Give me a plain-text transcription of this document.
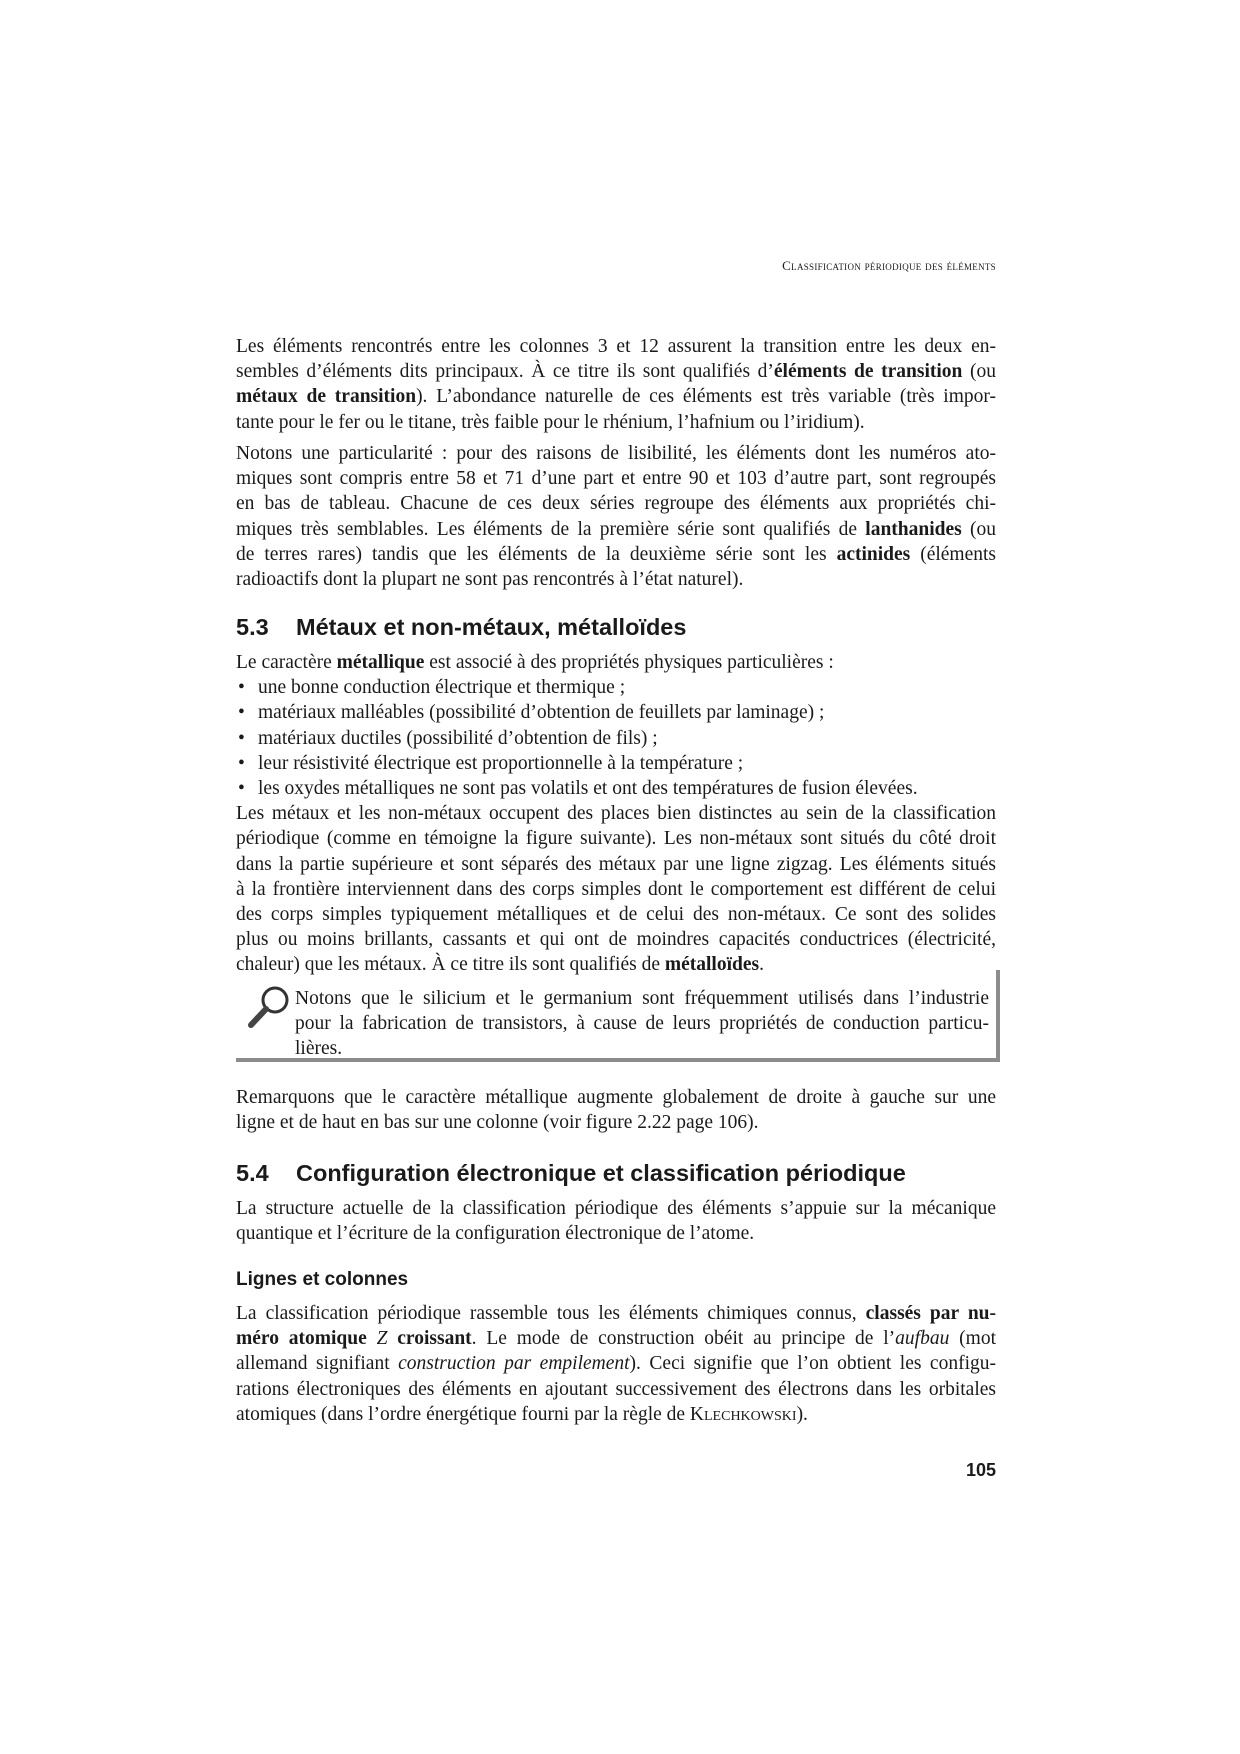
Classification périodique des éléments
Les éléments rencontrés entre les colonnes 3 et 12 assurent la transition entre les deux en-
sembles d’éléments dits principaux. À ce titre ils sont qualifiés d’éléments de transition (ou
métaux de transition). L’abondance naturelle de ces éléments est très variable (très impor-
tante pour le fer ou le titane, très faible pour le rhénium, l’hafnium ou l’iridium).
Notons une particularité : pour des raisons de lisibilité, les éléments dont les numéros ato-
miques sont compris entre 58 et 71 d’une part et entre 90 et 103 d’autre part, sont regroupés
en bas de tableau. Chacune de ces deux séries regroupe des éléments aux propriétés chi-
miques très semblables. Les éléments de la première série sont qualifiés de lanthanides (ou
de terres rares) tandis que les éléments de la deuxième série sont les actinides (éléments
radioactifs dont la plupart ne sont pas rencontrés à l’état naturel).
5.3 Métaux et non-métaux, métalloïdes
Le caractère métallique est associé à des propriétés physiques particulières :
• une bonne conduction électrique et thermique ;
• matériaux malléables (possibilité d’obtention de feuillets par laminage) ;
• matériaux ductiles (possibilité d’obtention de fils) ;
• leur résistivité électrique est proportionnelle à la température ;
• les oxydes métalliques ne sont pas volatils et ont des températures de fusion élevées.
Les métaux et les non-métaux occupent des places bien distinctes au sein de la classification
périodique (comme en témoigne la figure suivante). Les non-métaux sont situés du côté droit
dans la partie supérieure et sont séparés des métaux par une ligne zigzag. Les éléments situés
à la frontière interviennent dans des corps simples dont le comportement est différent de celui
des corps simples typiquement métalliques et de celui des non-métaux. Ce sont des solides
plus ou moins brillants, cassants et qui ont de moindres capacités conductrices (électricité,
chaleur) que les métaux. À ce titre ils sont qualifiés de métalloïdes.
Notons que le silicium et le germanium sont fréquemment utilisés dans l’industrie
pour la fabrication de transistors, à cause de leurs propriétés de conduction particu-
lières.
Remarquons que le caractère métallique augmente globalement de droite à gauche sur une
ligne et de haut en bas sur une colonne (voir figure 2.22 page 106).
5.4 Configuration électronique et classification périodique
La structure actuelle de la classification périodique des éléments s’appuie sur la mécanique
quantique et l’écriture de la configuration électronique de l’atome.
Lignes et colonnes
La classification périodique rassemble tous les éléments chimiques connus, classés par nu-
méro atomique Z croissant. Le mode de construction obéit au principe de l’aufbau (mot
allemand signifiant construction par empilement). Ceci signifie que l’on obtient les configu-
rations électroniques des éléments en ajoutant successivement des électrons dans les orbitales
atomiques (dans l’ordre énergétique fourni par la règle de Klechkowski).
105
